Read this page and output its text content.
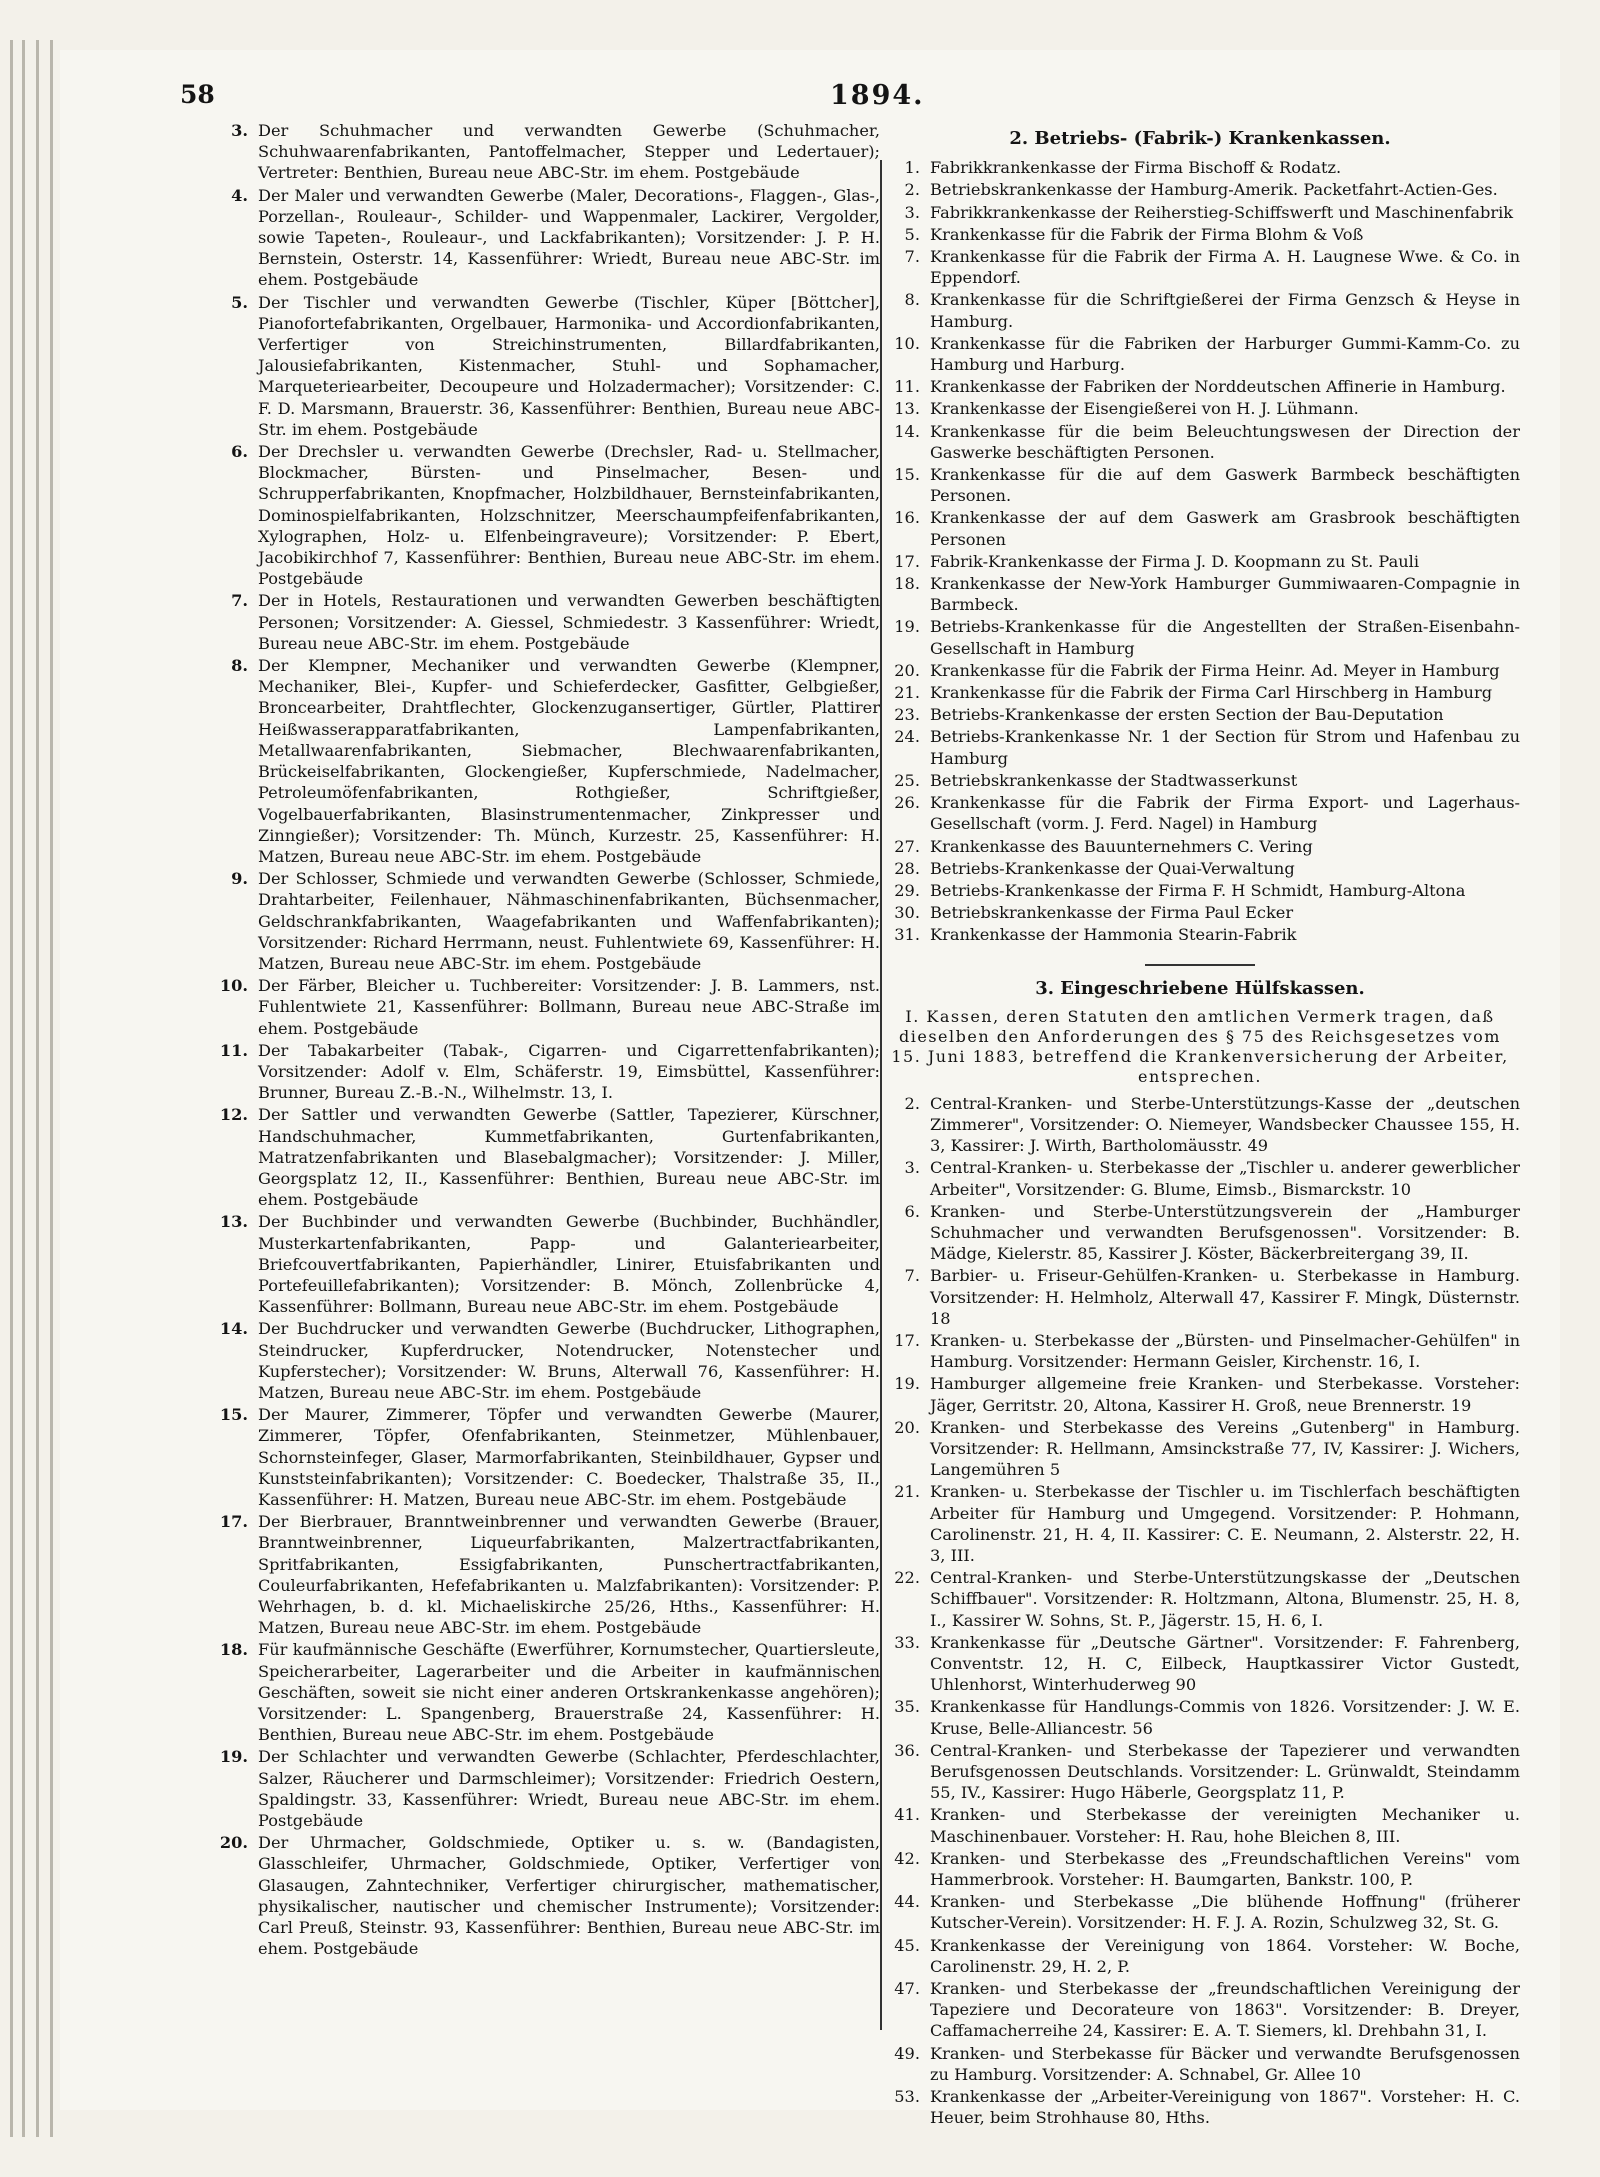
58	1894.
3. Der Schuhmacher und verwandten Gewerbe (Schuhmacher, Schuhwaarenfabrikanten, Pantoffelmacher, Stepper und Ledertauer); Vertreter: Benthien, Bureau neue ABC-Str. im ehem. Postgebäude
4. Der Maler und verwandten Gewerbe (Maler, Decorations-, Flaggen-, Glas-, Porzellan-, Rouleaur-, Schilder- und Wappenmaler, Lackirer, Vergolder, sowie Tapeten-, Rouleaur-, und Lackfabrikanten); Vorsitzender: J. P. H. Bernstein, Osterstr. 14, Kassenführer: Wriedt, Bureau neue ABC-Str. im ehem. Postgebäude
5. Der Tischler und verwandten Gewerbe (Tischler, Küper [Böttcher], Pianofortefabrikanten, Orgelbauer, Harmonika- und Accordionfabrikanten, Verfertiger von Streichinstrumenten, Billardfabrikanten, Jalousiefabrikanten, Kistenmacher, Stuhl- und Sophamacher, Marqueteriearbeiter, Decoupeure und Holzadermacher); Vorsitzender: C. F. D. Marsmann, Brauerstr. 36, Kassenführer: Benthien, Bureau neue ABC-Str. im ehem. Postgebäude
6. Der Drechsler u. verwandten Gewerbe (Drechsler, Rad- u. Stellmacher, Blockmacher, Bürsten- und Pinselmacher, Besen- und Schrupperfabrikanten, Knopfmacher, Holzbildhauer, Bernsteinfabrikanten, Dominospielfabrikanten, Holzschnitzer, Meerschaumpfeifenfabrikanten, Xylographen, Holz- u. Elfenbeingraveure); Vorsitzender: P. Ebert, Jacobikirchhof 7, Kassenführer: Benthien, Bureau neue ABC-Str. im ehem. Postgebäude
7. Der in Hotels, Restaurationen und verwandten Gewerben beschäftigten Personen; Vorsitzender: A. Giessel, Schmiedestr. 3 Kassenführer: Wriedt, Bureau neue ABC-Str. im ehem. Postgebäude
8. Der Klempner, Mechaniker und verwandten Gewerbe (Klempner, Mechaniker, Blei-, Kupfer- und Schieferdecker, Gasfitter, Gelbgießer, Broncearbeiter, Drahtflechter, Glockenzugansertiger, Gürtler, Plattirer Heißwasserapparatfabrikanten, Lampenfabrikanten, Metallwaarenfabrikanten, Siebmacher, Blechwaarenfabrikanten, Brückeiselfabrikanten, Glockengießer, Kupferschmiede, Nadelmacher, Petroleumöfenfabrikanten, Rothgießer, Schriftgießer, Vogelbauerfabrikanten, Blasinstrumentenmacher, Zinkpresser und Zinngießer); Vorsitzender: Th. Münch, Kurzestr. 25, Kassenführer: H. Matzen, Bureau neue ABC-Str. im ehem. Postgebäude
9. Der Schlosser, Schmiede und verwandten Gewerbe (Schlosser, Schmiede, Drahtarbeiter, Feilenhauer, Nähmaschinenfabrikanten, Büchsenmacher, Geldschrankfabrikanten, Waagefabrikanten und Waffenfabrikanten); Vorsitzender: Richard Herrmann, neust. Fuhlentwiete 69, Kassenführer: H. Matzen, Bureau neue ABC-Str. im ehem. Postgebäude
10. Der Färber, Bleicher u. Tuchbereiter: Vorsitzender: J. B. Lammers, nst. Fuhlentwiete 21, Kassenführer: Bollmann, Bureau neue ABC-Straße im ehem. Postgebäude
11. Der Tabakarbeiter (Tabak-, Cigarren- und Cigarrettenfabrikanten); Vorsitzender: Adolf v. Elm, Schäferstr. 19, Eimsbüttel, Kassenführer: Brunner, Bureau Z.-B.-N., Wilhelmstr. 13, I.
12. Der Sattler und verwandten Gewerbe (Sattler, Tapezierer, Kürschner, Handschuhmacher, Kummetfabrikanten, Gurtenfabrikanten, Matratzenfabrikanten und Blasebalgmacher); Vorsitzender: J. Miller, Georgsplatz 12, II., Kassenführer: Benthien, Bureau neue ABC-Str. im ehem. Postgebäude
13. Der Buchbinder und verwandten Gewerbe (Buchbinder, Buchhändler, Musterkartenfabrikanten, Papp- und Galanteriearbeiter, Briefcouvertfabrikanten, Papierhändler, Linirer, Etuisfabrikanten und Portefeuillefabrikanten); Vorsitzender: B. Mönch, Zollenbrücke 4, Kassenführer: Bollmann, Bureau neue ABC-Str. im ehem. Postgebäude
14. Der Buchdrucker und verwandten Gewerbe (Buchdrucker, Lithographen, Steindrucker, Kupferdrucker, Notendrucker, Notenstecher und Kupferstecher); Vorsitzender: W. Bruns, Alterwall 76, Kassenführer: H. Matzen, Bureau neue ABC-Str. im ehem. Postgebäude
15. Der Maurer, Zimmerer, Töpfer und verwandten Gewerbe (Maurer, Zimmerer, Töpfer, Ofenfabrikanten, Steinmetzer, Mühlenbauer, Schornsteinfeger, Glaser, Marmorfabrikanten, Steinbildhauer, Gypser und Kunststeinfabrikanten); Vorsitzender: C. Boedecker, Thalstraße 35, II., Kassenführer: H. Matzen, Bureau neue ABC-Str. im ehem. Postgebäude
17. Der Bierbrauer, Branntweinbrenner und verwandten Gewerbe (Brauer, Branntweinbrenner, Liqueurfabrikanten, Malzertractfabrikanten, Spritfabrikanten, Essigfabrikanten, Punschertractfabrikanten, Couleurfabrikanten, Hefefabrikanten u. Malzfabrikanten): Vorsitzender: P. Wehrhagen, b. d. kl. Michaeliskirche 25/26, Hths., Kassenführer: H. Matzen, Bureau neue ABC-Str. im ehem. Postgebäude
18. Für kaufmännische Geschäfte (Ewerführer, Kornumstecher, Quartiersleute, Speicherarbeiter, Lagerarbeiter und die Arbeiter in kaufmännischen Geschäften, soweit sie nicht einer anderen Ortskrankenkasse angehören); Vorsitzender: L. Spangenberg, Brauerstraße 24, Kassenführer: H. Benthien, Bureau neue ABC-Str. im ehem. Postgebäude
19. Der Schlachter und verwandten Gewerbe (Schlachter, Pferdeschlachter, Salzer, Räucherer und Darmschleimer); Vorsitzender: Friedrich Oestern, Spaldingstr. 33, Kassenführer: Wriedt, Bureau neue ABC-Str. im ehem. Postgebäude
20. Der Uhrmacher, Goldschmiede, Optiker u. s. w. (Bandagisten, Glasschleifer, Uhrmacher, Goldschmiede, Optiker, Verfertiger von Glasaugen, Zahntechniker, Verfertiger chirurgischer, mathematischer, physikalischer, nautischer und chemischer Instrumente); Vorsitzender: Carl Preuß, Steinstr. 93, Kassenführer: Benthien, Bureau neue ABC-Str. im ehem. Postgebäude
2. Betriebs- (Fabrik-) Krankenkassen.
1. Fabrikkrankenkasse der Firma Bischoff & Rodatz.
2. Betriebskrankenkasse der Hamburg-Amerik. Packetfahrt-Actien-Ges.
3. Fabrikkrankenkasse der Reiherstieg-Schiffswerft und Maschinenfabrik
5. Krankenkasse für die Fabrik der Firma Blohm & Voß
7. Krankenkasse für die Fabrik der Firma A. H. Laugnese Wwe. & Co. in Eppendorf.
8. Krankenkasse für die Schriftgießerei der Firma Genzsch & Heyse in Hamburg.
10. Krankenkasse für die Fabriken der Harburger Gummi-Kamm-Co. zu Hamburg und Harburg.
11. Krankenkasse der Fabriken der Norddeutschen Affinerie in Hamburg.
13. Krankenkasse der Eisengießerei von H. J. Lühmann.
14. Krankenkasse für die beim Beleuchtungswesen der Direction der Gaswerke beschäftigten Personen.
15. Krankenkasse für die auf dem Gaswerk Barmbeck beschäftigten Personen.
16. Krankenkasse der auf dem Gaswerk am Grasbrook beschäftigten Personen
17. Fabrik-Krankenkasse der Firma J. D. Koopmann zu St. Pauli
18. Krankenkasse der New-York Hamburger Gummiwaaren-Compagnie in Barmbeck.
19. Betriebs-Krankenkasse für die Angestellten der Straßen-Eisenbahn-Gesellschaft in Hamburg
20. Krankenkasse für die Fabrik der Firma Heinr. Ad. Meyer in Hamburg
21. Krankenkasse für die Fabrik der Firma Carl Hirschberg in Hamburg
23. Betriebs-Krankenkasse der ersten Section der Bau-Deputation
24. Betriebs-Krankenkasse Nr. 1 der Section für Strom und Hafenbau zu Hamburg
25. Betriebskrankenkasse der Stadtwasserkunst
26. Krankenkasse für die Fabrik der Firma Export- und Lagerhaus-Gesellschaft (vorm. J. Ferd. Nagel) in Hamburg
27. Krankenkasse des Bauunternehmers C. Vering
28. Betriebs-Krankenkasse der Quai-Verwaltung
29. Betriebs-Krankenkasse der Firma F. H Schmidt, Hamburg-Altona
30. Betriebskrankenkasse der Firma Paul Ecker
31. Krankenkasse der Hammonia Stearin-Fabrik
3. Eingeschriebene Hülfskassen.
I. Kassen, deren Statuten den amtlichen Vermerk tragen, daß dieselben den Anforderungen des § 75 des Reichsgesetzes vom 15. Juni 1883, betreffend die Krankenversicherung der Arbeiter, entsprechen.
2. Central-Kranken- und Sterbe-Unterstützungs-Kasse der „deutschen Zimmerer", Vorsitzender: O. Niemeyer, Wandsbecker Chaussee 155, H. 3, Kassirer: J. Wirth, Bartholomäusstr. 49
3. Central-Kranken- u. Sterbekasse der „Tischler u. anderer gewerblicher Arbeiter", Vorsitzender: G. Blume, Eimsb., Bismarckstr. 10
6. Kranken- und Sterbe-Unterstützungsverein der „Hamburger Schuhmacher und verwandten Berufsgenossen". Vorsitzender: B. Mädge, Kielerstr. 85, Kassirer J. Köster, Bäckerbreitergang 39, II.
7. Barbier- u. Friseur-Gehülfen-Kranken- u. Sterbekasse in Hamburg. Vorsitzender: H. Helmholz, Alterwall 47, Kassirer F. Mingk, Düsternstr. 18
17. Kranken- u. Sterbekasse der „Bürsten- und Pinselmacher-Gehülfen" in Hamburg. Vorsitzender: Hermann Geisler, Kirchenstr. 16, I.
19. Hamburger allgemeine freie Kranken- und Sterbekasse. Vorsteher: Jäger, Gerritstr. 20, Altona, Kassirer H. Groß, neue Brennerstr. 19
20. Kranken- und Sterbekasse des Vereins „Gutenberg" in Hamburg. Vorsitzender: R. Hellmann, Amsinckstraße 77, IV, Kassirer: J. Wichers, Langemühren 5
21. Kranken- u. Sterbekasse der Tischler u. im Tischlerfach beschäftigten Arbeiter für Hamburg und Umgegend. Vorsitzender: P. Hohmann, Carolinenstr. 21, H. 4, II. Kassirer: C. E. Neumann, 2. Alsterstr. 22, H. 3, III.
22. Central-Kranken- und Sterbe-Unterstützungskasse der „Deutschen Schiffbauer". Vorsitzender: R. Holtzmann, Altona, Blumenstr. 25, H. 8, I., Kassirer W. Sohns, St. P., Jägerstr. 15, H. 6, I.
33. Krankenkasse für „Deutsche Gärtner". Vorsitzender: F. Fahrenberg, Conventstr. 12, H. C, Eilbeck, Hauptkassirer Victor Gustedt, Uhlenhorst, Winterhuderweg 90
35. Krankenkasse für Handlungs-Commis von 1826. Vorsitzender: J. W. E. Kruse, Belle-Alliancestr. 56
36. Central-Kranken- und Sterbekasse der Tapezierer und verwandten Berufsgenossen Deutschlands. Vorsitzender: L. Grünwaldt, Steindamm 55, IV., Kassirer: Hugo Häberle, Georgsplatz 11, P.
41. Kranken- und Sterbekasse der vereinigten Mechaniker u. Maschinenbauer. Vorsteher: H. Rau, hohe Bleichen 8, III.
42. Kranken- und Sterbekasse des „Freundschaftlichen Vereins" vom Hammerbrook. Vorsteher: H. Baumgarten, Bankstr. 100, P.
44. Kranken- und Sterbekasse „Die blühende Hoffnung" (früherer Kutscher-Verein). Vorsitzender: H. F. J. A. Rozin, Schulzweg 32, St. G.
45. Krankenkasse der Vereinigung von 1864. Vorsteher: W. Boche, Carolinenstr. 29, H. 2, P.
47. Kranken- und Sterbekasse der „freundschaftlichen Vereinigung der Tapeziere und Decorateure von 1863". Vorsitzender: B. Dreyer, Caffamacherreihe 24, Kassirer: E. A. T. Siemers, kl. Drehbahn 31, I.
49. Kranken- und Sterbekasse für Bäcker und verwandte Berufsgenossen zu Hamburg. Vorsitzender: A. Schnabel, Gr. Allee 10
53. Krankenkasse der „Arbeiter-Vereinigung von 1867". Vorsteher: H. C. Heuer, beim Strohhause 80, Hths.
